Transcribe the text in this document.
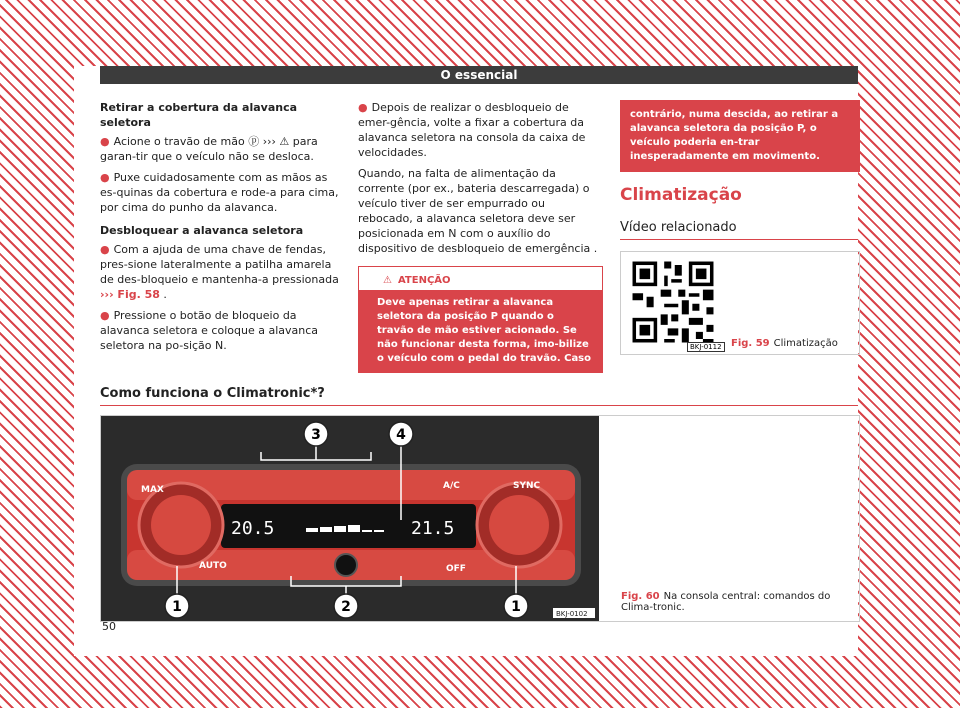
O essencial
Retirar a cobertura da alavanca seletora

● Acione o travão de mão ⓟ ››› ⚠ para garan-tir que o veículo não se desloca.

● Puxe cuidadosamente com as mãos as es-quinas da cobertura e rode-a para cima, por cima do punho da alavanca.

Desbloquear a alavanca seletora

● Com a ajuda de uma chave de fendas, pres-sione lateralmente a patilha amarela de des-bloqueio e mantenha-a pressionada
››› Fig. 58 .

● Pressione o botão de bloqueio da alavanca seletora e coloque a alavanca seletora na po-sição N.

● Depois de realizar o desbloqueio de emer-gência, volte a fixar a cobertura da alavanca seletora na consola da caixa de velocidades.

Quando, na falta de alimentação da corrente (por ex., bateria descarregada) o veículo tiver de ser empurrado ou rebocado, a alavanca seletora deve ser posicionada em N com o auxílio do dispositivo de desbloqueio de emergência .

⚠ ATENÇÃO
Deve apenas retirar a alavanca seletora da posição P quando o travão de mão estiver acionado. Se não funcionar desta forma, imo-bilize o veículo com o pedal do travão. Caso
contrário, numa descida, ao retirar a alavanca seletora da posição P, o veículo poderia en-trar inesperadamente em movimento.
Climatização
Vídeo relacionado
BKJ-0112 Fig. 59 Climatização
Como funciona o Climatronic*?
MAX	A/C	SYNC
AUTO	OFF
20.5	21.5
3	4
1	2	1	BKJ-0102
Fig. 60 Na consola central: comandos do Clima-tronic.
50
